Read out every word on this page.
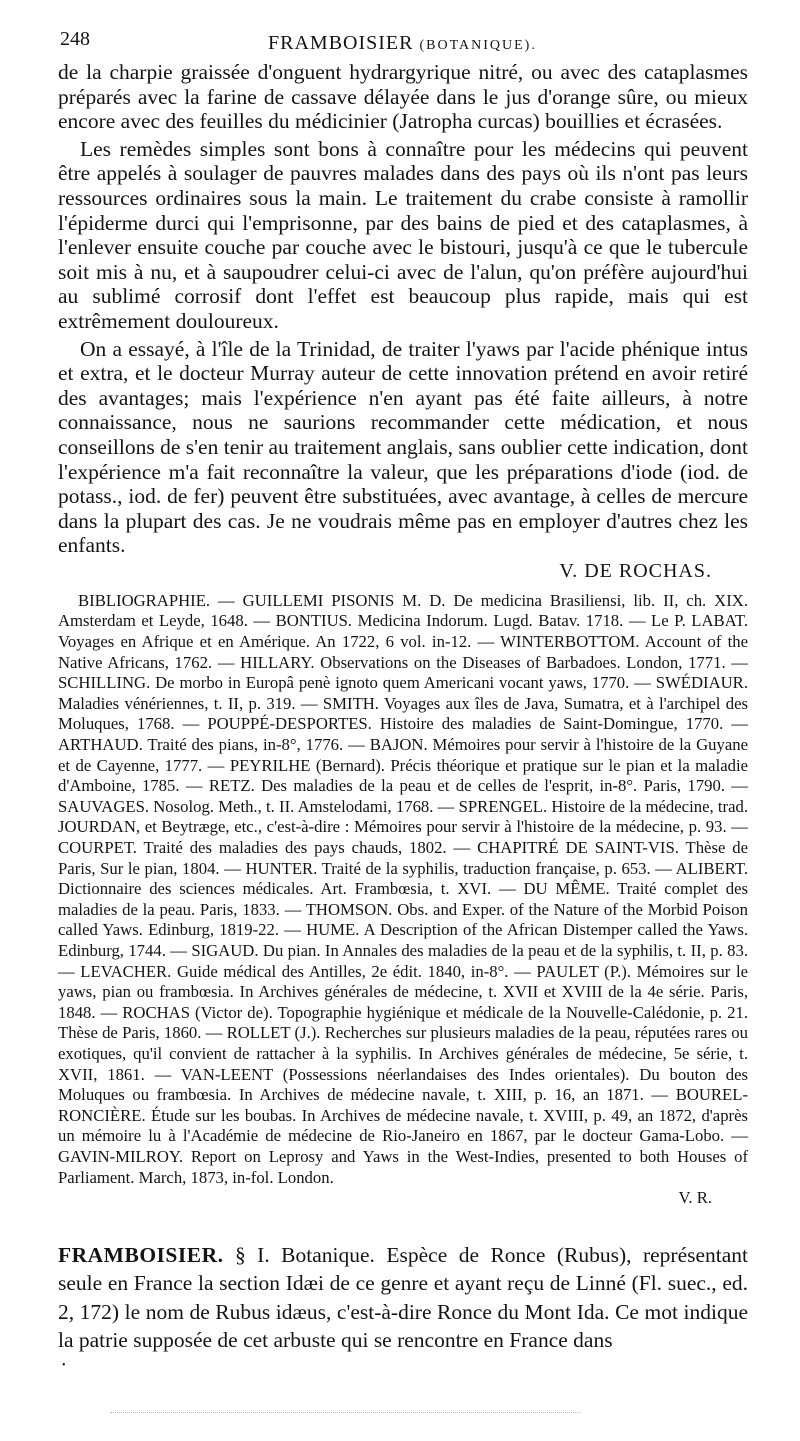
248	FRAMBOISIER (BOTANIQUE).

de la charpie graissée d'onguent hydrargyrique nitré, ou avec des cataplasmes préparés avec la farine de cassave délayée dans le jus d'orange sûre, ou mieux encore avec des feuilles du médicinier (Jatropha curcas) bouillies et écrasées.

Les remèdes simples sont bons à connaître pour les médecins qui peuvent être appelés à soulager de pauvres malades dans des pays où ils n'ont pas leurs ressources ordinaires sous la main. Le traitement du crabe consiste à ramollir l'épiderme durci qui l'emprisonne, par des bains de pied et des cataplasmes, à l'enlever ensuite couche par couche avec le bistouri, jusqu'à ce que le tubercule soit mis à nu, et à saupoudrer celui-ci avec de l'alun, qu'on préfère aujourd'hui au sublimé corrosif dont l'effet est beaucoup plus rapide, mais qui est extrêmement douloureux.

On a essayé, à l'île de la Trinidad, de traiter l'yaws par l'acide phénique intus et extra, et le docteur Murray auteur de cette innovation prétend en avoir retiré des avantages; mais l'expérience n'en ayant pas été faite ailleurs, à notre connaissance, nous ne saurions recommander cette médication, et nous conseillons de s'en tenir au traitement anglais, sans oublier cette indication, dont l'expérience m'a fait reconnaître la valeur, que les préparations d'iode (iod. de potass., iod. de fer) peuvent être substituées, avec avantage, à celles de mercure dans la plupart des cas. Je ne voudrais même pas en employer d'autres chez les enfants.

V. DE ROCHAS.
BIBLIOGRAPHIE. — GUILLEMI PISONIS M. D. De medicina Brasiliensi, lib. II, ch. XIX. Amsterdam et Leyde, 1648. — BONTIUS. Medicina Indorum. Lugd. Batav. 1718. — Le P. LABAT. Voyages en Afrique et en Amérique. An 1722, 6 vol. in-12. — WINTERBOTTOM. Account of the Native Africans, 1762. — HILLARY. Observations on the Diseases of Barbadoes. London, 1771. — SCHILLING. De morbo in Europâ penè ignoto quem Americani vocant yaws, 1770. — SWÉDIAUR. Maladies vénériennes, t. II, p. 319. — SMITH. Voyages aux îles de Java, Sumatra, et à l'archipel des Moluques, 1768. — POUPPÉ-DESPORTES. Histoire des maladies de Saint-Domingue, 1770. — ARTHAUD. Traité des pians, in-8°, 1776. — BAJON. Mémoires pour servir à l'histoire de la Guyane et de Cayenne, 1777. — PEYRILHE (Bernard). Précis théorique et pratique sur le pian et la maladie d'Amboine, 1785. — RETZ. Des maladies de la peau et de celles de l'esprit, in-8°. Paris, 1790. — SAUVAGES. Nosolog. Meth., t. II. Amstelodami, 1768. — SPRENGEL. Histoire de la médecine, trad. JOURDAN, et Beytræge, etc., c'est-à-dire : Mémoires pour servir à l'histoire de la médecine, p. 93. — COURPET. Traité des maladies des pays chauds, 1802. — CHAPITRÉ DE SAINT-VIS. Thèse de Paris, Sur le pian, 1804. — HUNTER. Traité de la syphilis, traduction française, p. 653. — ALIBERT. Dictionnaire des sciences médicales. Art. Frambœsia, t. XVI. — DU MÊME. Traité complet des maladies de la peau. Paris, 1833. — THOMSON. Obs. and Exper. of the Nature of the Morbid Poison called Yaws. Edinburg, 1819-22. — HUME. A Description of the African Distemper called the Yaws. Edinburg, 1744. — SIGAUD. Du pian. In Annales des maladies de la peau et de la syphilis, t. II, p. 83. — LEVACHER. Guide médical des Antilles, 2e édit. 1840, in-8°. — PAULET (P.). Mémoires sur le yaws, pian ou frambœsia. In Archives générales de médecine, t. XVII et XVIII de la 4e série. Paris, 1848. — ROCHAS (Victor de). Topographie hygiénique et médicale de la Nouvelle-Calédonie, p. 21. Thèse de Paris, 1860. — ROLLET (J.). Recherches sur plusieurs maladies de la peau, réputées rares ou exotiques, qu'il convient de rattacher à la syphilis. In Archives générales de médecine, 5e série, t. XVII, 1861. — VAN-LEENT (Possessions néerlandaises des Indes orientales). Du bouton des Moluques ou frambœsia. In Archives de médecine navale, t. XIII, p. 16, an 1871. — BOUREL-RONCIÈRE. Étude sur les boubas. In Archives de médecine navale, t. XVIII, p. 49, an 1872, d'après un mémoire lu à l'Académie de médecine de Rio-Janeiro en 1867, par le docteur Gama-Lobo. — GAVIN-MILROY. Report on Leprosy and Yaws in the West-Indies, presented to both Houses of Parliament. March, 1873, in-fol. London.
V. R.
FRAMBOISIER. § I. Botanique. Espèce de Ronce (Rubus), représentant seule en France la section Idæi de ce genre et ayant reçu de Linné (Fl. suec., ed. 2, 172) le nom de Rubus idæus, c'est-à-dire Ronce du Mont Ida. Ce mot indique la patrie supposée de cet arbuste qui se rencontre en France dans
•
